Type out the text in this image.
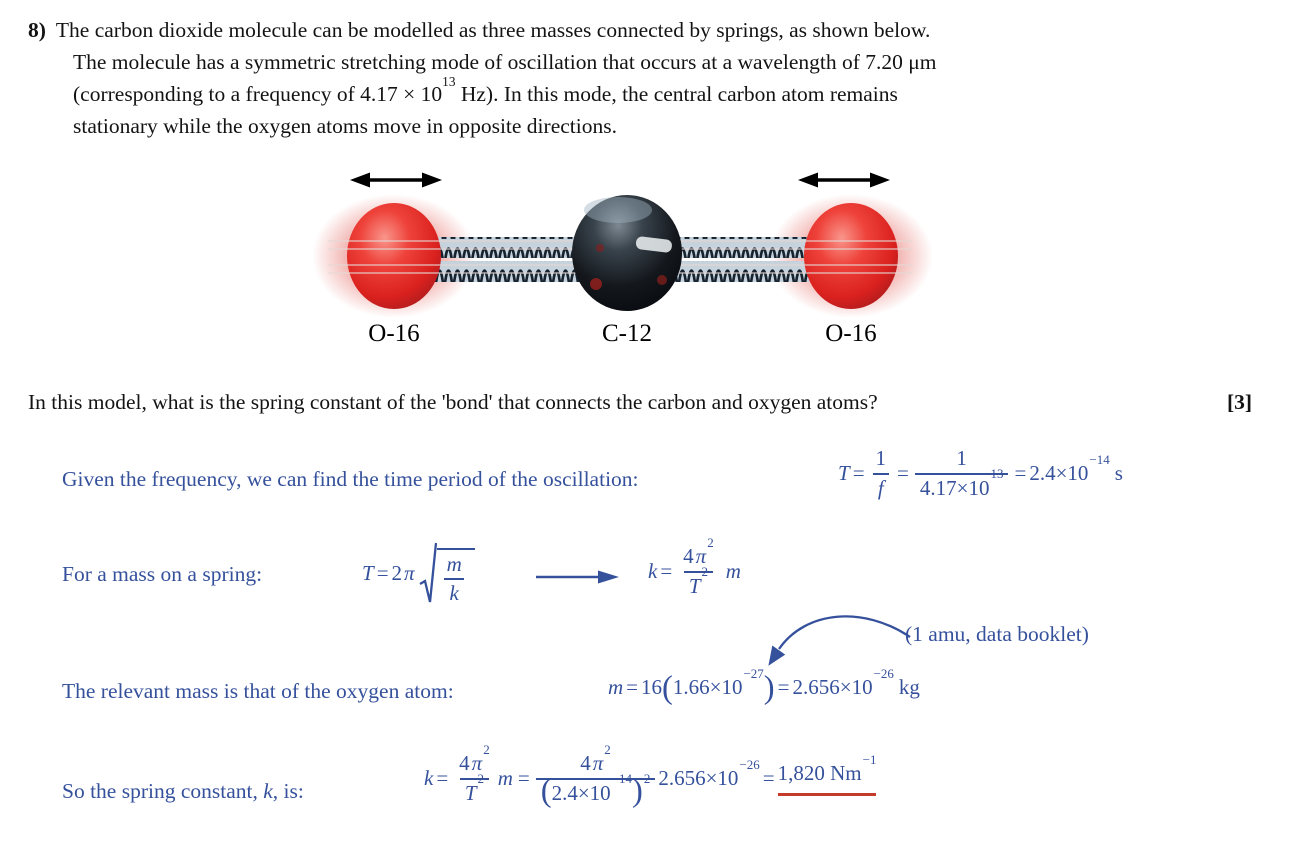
8) The carbon dioxide molecule can be modelled as three masses connected by springs, as shown below.
The molecule has a symmetric stretching mode of oscillation that occurs at a wavelength of 7.20 μm
(corresponding to a frequency of $4.17 \times 10^{13}$ Hz). In this mode, the central carbon atom remains
stationary while the oxygen atoms move in opposite directions.
O-16	C-12	O-16
In this model, what is the spring constant of the 'bond' that connects the carbon and oxygen atoms?	[3]
Given the frequency, we can find the time period of the oscillation:	$T = \frac{1}{f} = \frac{1}{4.17\times 10^{13}} = 2.4\times 10^{-14}$
s
For a mass on a spring:	T = 2 π $\frac{m}{k}$	$k = \frac{4\pi^2}{T^2}$ m
(1 amu, data booklet)
The relevant mass is that of the oxygen atom:	m = 16 ( $1.66\times 10^{-27}$ ) = $2.656\times 10^{-26}$
kg
So the spring constant, k, is:
$k = \frac{4\pi^2}{T^2}$ $m = \frac{4\pi^2}{(2.4\times 10^{-14})^2} 2.656\times 10^{-26}$
= 1,820 $Nm^{-1}$
